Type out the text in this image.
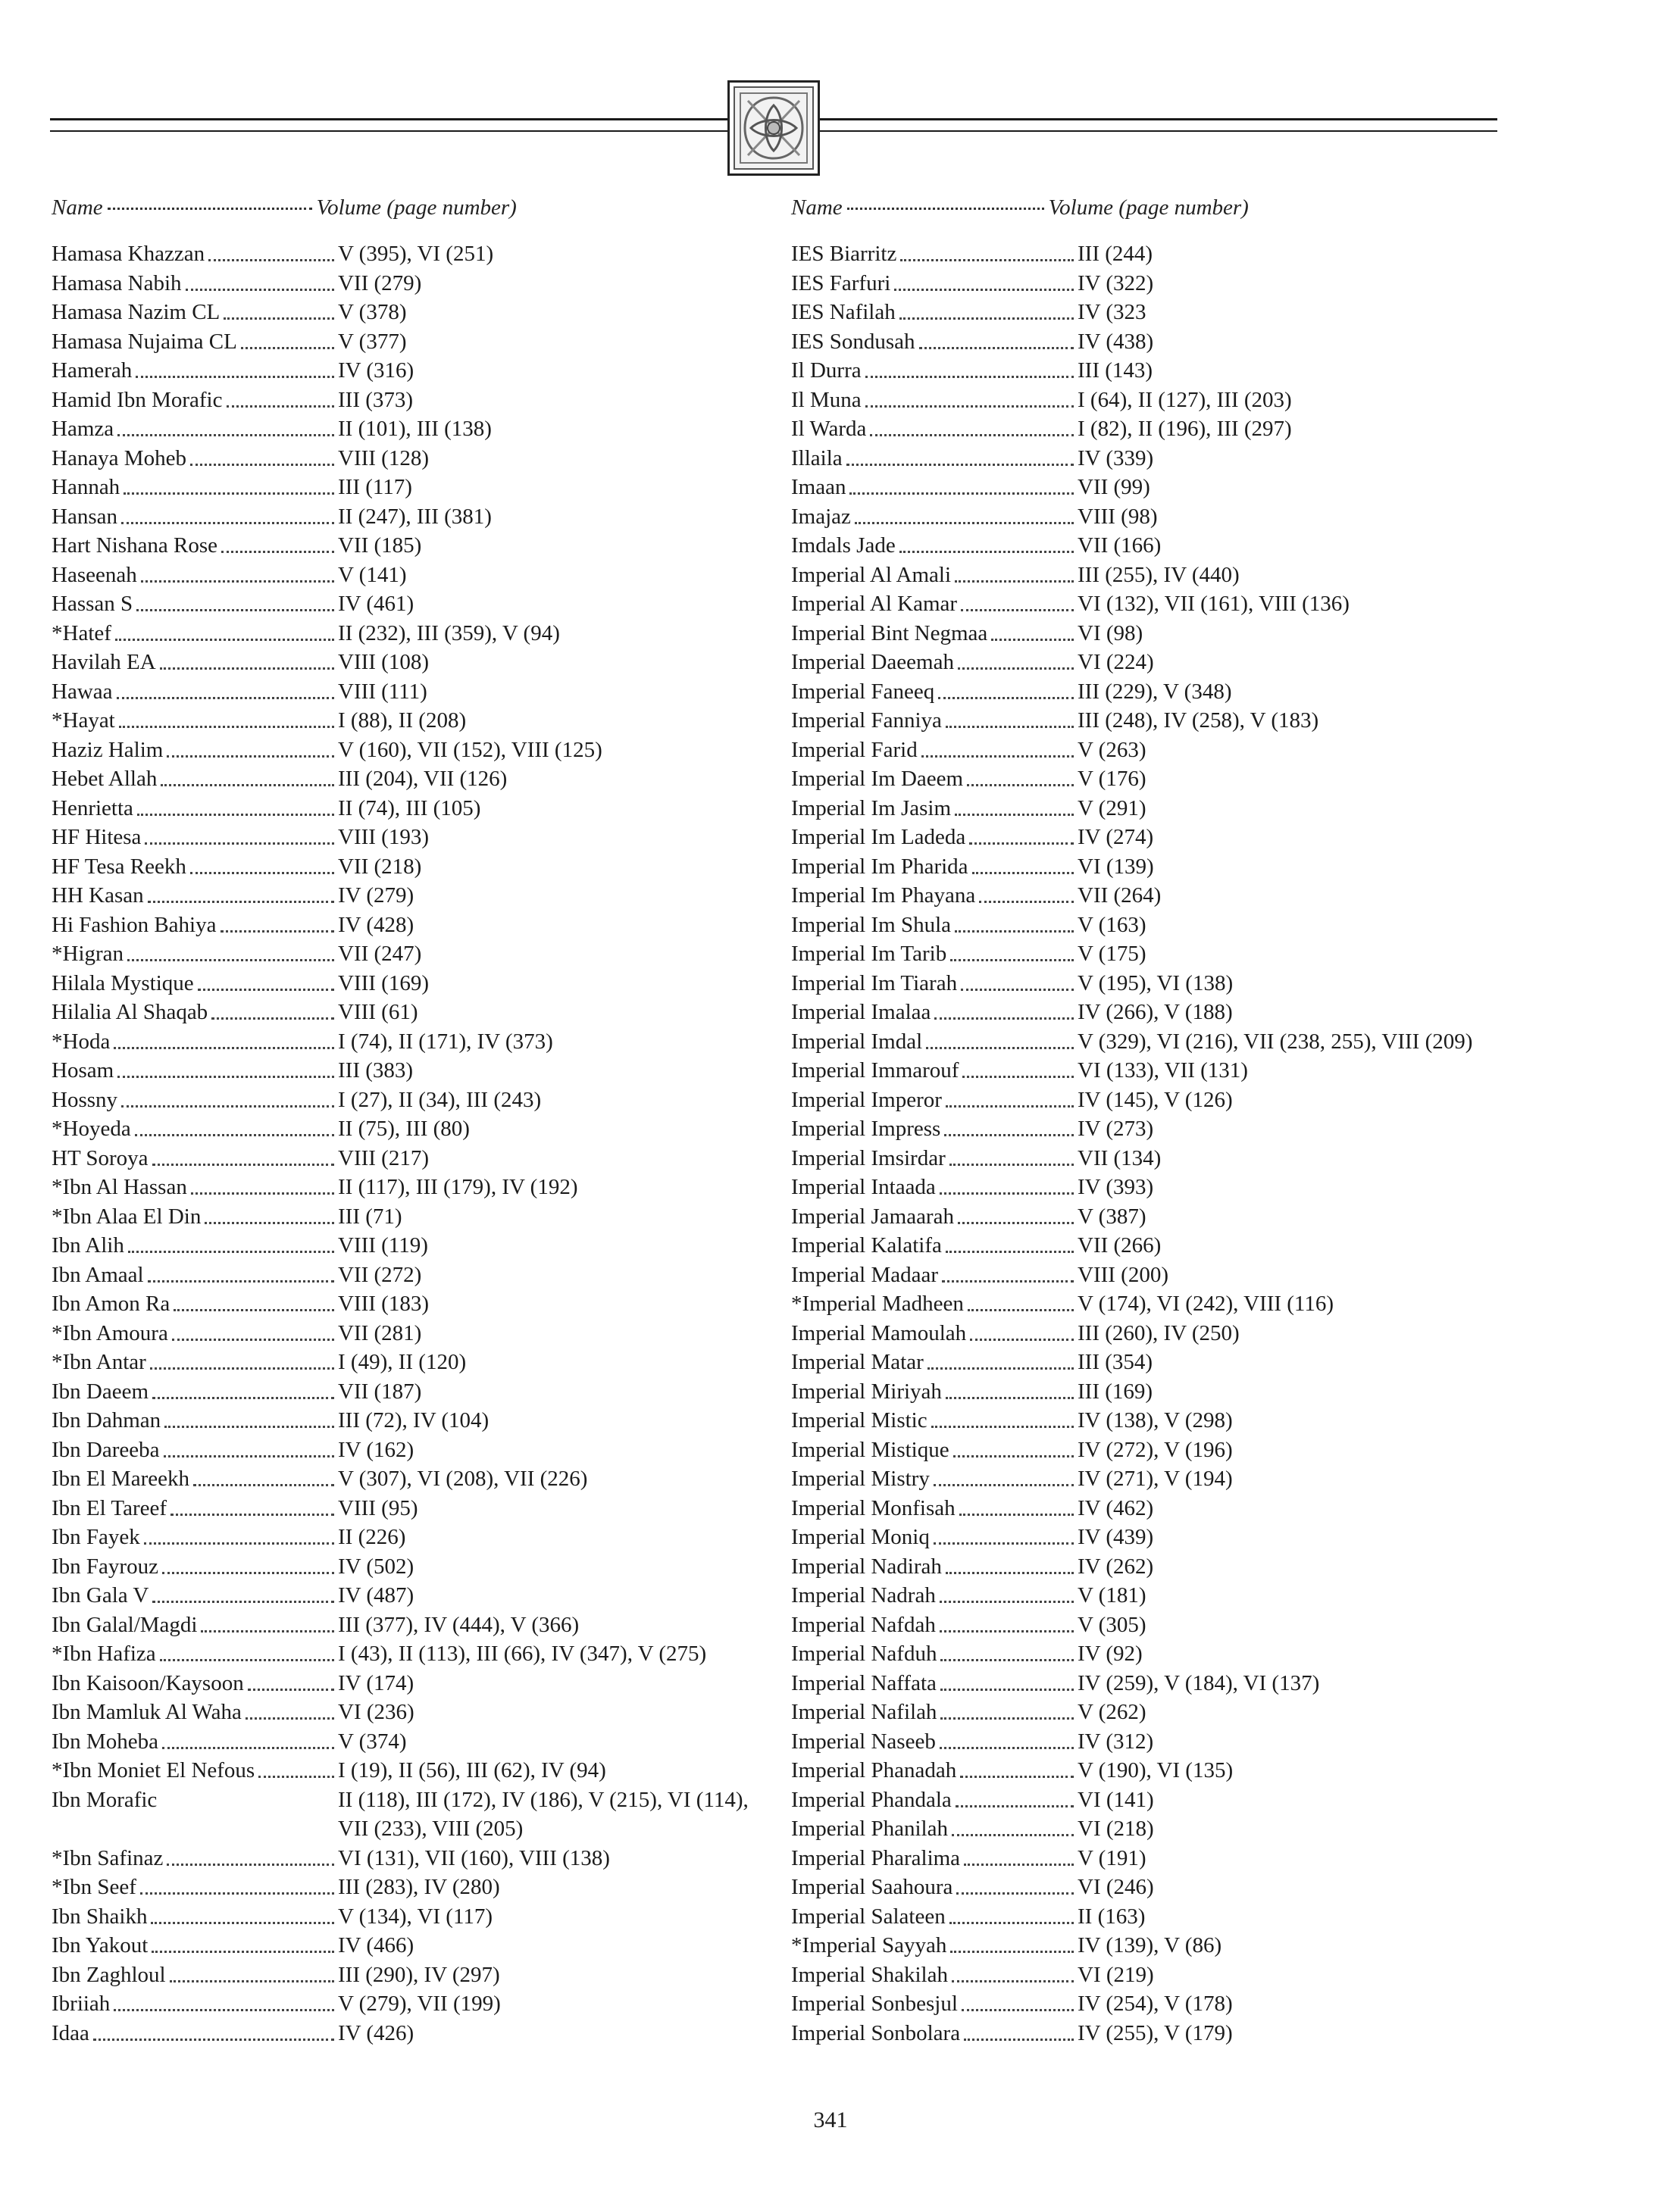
Name	Volume (page number)
Hamasa Khazzan	V (395), VI (251)
Hamasa Nabih	VII (279)
Hamasa Nazim CL	V (378)
Hamasa Nujaima CL	V (377)
Hamerah	IV (316)
Hamid Ibn Morafic	III (373)
Hamza	II (101), III (138)
Hanaya Moheb	VIII (128)
Hannah	III (117)
Hansan	II (247), III (381)
Hart Nishana Rose	VII (185)
Haseenah	V (141)
Hassan S	IV (461)
*Hatef	II (232), III (359), V (94)
Havilah EA	VIII (108)
Hawaa	VIII (111)
*Hayat	I (88), II (208)
Haziz Halim	V (160), VII (152), VIII (125)
Hebet Allah	III (204), VII (126)
Henrietta	II (74), III (105)
HF Hitesa	VIII (193)
HF Tesa Reekh	VII (218)
HH Kasan	IV (279)
Hi Fashion Bahiya	IV (428)
*Higran	VII (247)
Hilala Mystique	VIII (169)
Hilalia Al Shaqab	VIII (61)
*Hoda	I (74), II (171), IV (373)
Hosam	III (383)
Hossny	I (27), II (34), III (243)
*Hoyeda	II (75), III (80)
HT Soroya	VIII (217)
*Ibn Al Hassan	II (117), III (179), IV (192)
*Ibn Alaa El Din	III (71)
Ibn Alih	VIII (119)
Ibn Amaal	VII (272)
Ibn Amon Ra	VIII (183)
*Ibn Amoura	VII (281)
*Ibn Antar	I (49), II (120)
Ibn Daeem	VII (187)
Ibn Dahman	III (72), IV (104)
Ibn Dareeba	IV (162)
Ibn El Mareekh	V (307), VI (208), VII (226)
Ibn El Tareef	VIII (95)
Ibn Fayek	II (226)
Ibn Fayrouz	IV (502)
Ibn Gala V	IV (487)
Ibn Galal/Magdi	III (377), IV (444), V (366)
*Ibn Hafiza	I (43), II (113), III (66), IV (347), V (275)
Ibn Kaisoon/Kaysoon	IV (174)
Ibn Mamluk Al Waha	VI (236)
Ibn Moheba	V (374)
*Ibn Moniet El Nefous	I (19), II (56), III (62), IV (94)
Ibn Morafic	II (118), III (172), IV (186), V (215), VI (114), VII (233), VIII (205)
*Ibn Safinaz	VI (131), VII (160), VIII (138)
*Ibn Seef	III (283), IV (280)
Ibn Shaikh	V (134), VI (117)
Ibn Yakout	IV (466)
Ibn Zaghloul	III (290), IV (297)
Ibriiah	V (279), VII (199)
Idaa	IV (426)
Name	Volume (page number)
IES Biarritz	III (244)
IES Farfuri	IV (322)
IES Nafilah	IV (323
IES Sondusah	IV (438)
Il Durra	III (143)
Il Muna	I (64), II (127), III (203)
Il Warda	I (82), II (196), III (297)
Illaila	IV (339)
Imaan	VII (99)
Imajaz	VIII (98)
Imdals Jade	VII (166)
Imperial Al Amali	III (255), IV (440)
Imperial Al Kamar	VI (132), VII (161), VIII (136)
Imperial Bint Negmaa	VI (98)
Imperial Daeemah	VI (224)
Imperial Faneeq	III (229), V (348)
Imperial Fanniya	III (248), IV (258), V (183)
Imperial Farid	V (263)
Imperial Im Daeem	V (176)
Imperial Im Jasim	V (291)
Imperial Im Ladeda	IV (274)
Imperial Im Pharida	VI (139)
Imperial Im Phayana	VII (264)
Imperial Im Shula	V (163)
Imperial Im Tarib	V (175)
Imperial Im Tiarah	V (195), VI (138)
Imperial Imalaa	IV (266), V (188)
Imperial Imdal	V (329), VI (216), VII (238, 255), VIII (209)
Imperial Immarouf	VI (133), VII (131)
Imperial Imperor	IV (145), V (126)
Imperial Impress	IV (273)
Imperial Imsirdar	VII (134)
Imperial Intaada	IV (393)
Imperial Jamaarah	V (387)
Imperial Kalatifa	VII (266)
Imperial Madaar	VIII (200)
*Imperial Madheen	V (174), VI (242), VIII (116)
Imperial Mamoulah	III (260), IV (250)
Imperial Matar	III (354)
Imperial Miriyah	III (169)
Imperial Mistic	IV (138), V (298)
Imperial Mistique	IV (272), V (196)
Imperial Mistry	IV (271), V (194)
Imperial Monfisah	IV (462)
Imperial Moniq	IV (439)
Imperial Nadirah	IV (262)
Imperial Nadrah	V (181)
Imperial Nafdah	V (305)
Imperial Nafduh	IV (92)
Imperial Naffata	IV (259), V (184), VI (137)
Imperial Nafilah	V (262)
Imperial Naseeb	IV (312)
Imperial Phanadah	V (190), VI (135)
Imperial Phandala	VI (141)
Imperial Phanilah	VI (218)
Imperial Pharalima	V (191)
Imperial Saahoura	VI (246)
Imperial Salateen	II (163)
*Imperial Sayyah	IV (139), V (86)
Imperial Shakilah	VI (219)
Imperial Sonbesjul	IV (254), V (178)
Imperial Sonbolara	IV (255), V (179)
341
